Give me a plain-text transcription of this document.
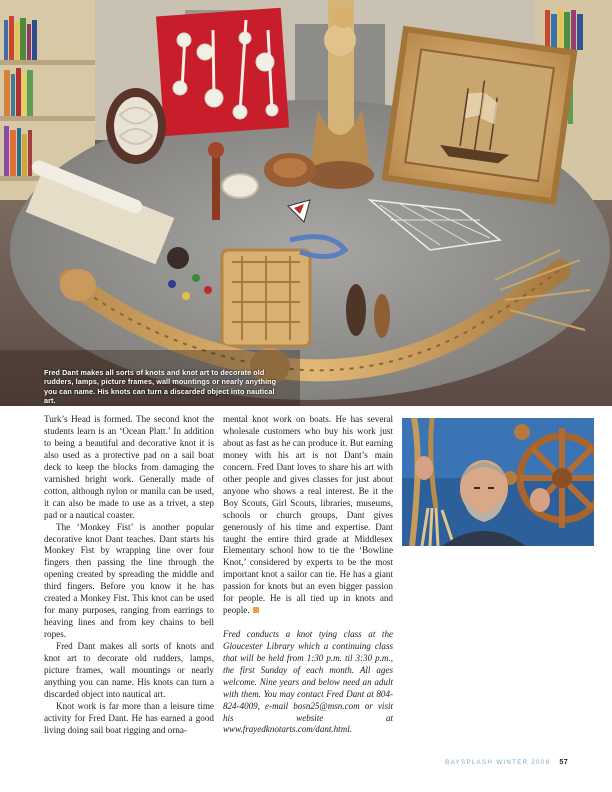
Fred Dant makes all sorts of knots and knot art to decorate old rudders, lamps, picture frames, wall mountings or nearly anything you can name. His knots can turn a discarded object into nautical art.

Turk’s Head is formed. The second knot the students learn is an ‘Ocean Platt.’ In addition to being a beautiful and decorative knot it is also used as a protective pad on a sail boat deck to keep the blocks from damaging the varnished bright work. Generally made of cotton, although nylon or manila can be used, it can also be made to use as a trivet, a step pad or a nautical coaster.

The ‘Monkey Fist’ is another popular decorative knot Dant teaches. Dant starts his Monkey Fist by wrapping line over four fingers then passing the line through the opening created by spreading the middle and third fingers. Before you know it he has created a Monkey Fist. This knot can be used for many purposes, ranging from earrings to heaving lines and from key chains to bell ropes.

Fred Dant makes all sorts of knots and knot art to decorate old rudders, lamps, picture frames, wall mountings or nearly anything you can name. His knots can turn a discarded object into nautical art.

Knot work is far more than a leisure time activity for Fred Dant. He has earned a good living doing sail boat rigging and orna-

mental knot work on boats. He has several wholesale customers who buy his work just about as fast as he can produce it. But earning money with his art is not Dant’s main concern. Fred Dant loves to share his art with other people and gives classes for just about anyone who shows a real interest. Be it the Boy Scouts, Girl Scouts, libraries, museums, schools or church groups, Dant gives generously of his time and expertise. Dant taught the entire third grade at Middlesex Elementary school how to tie the ‘Bowline Knot,’ considered by experts to be the most important knot a sailor can tie. He has a giant passion for knots but an even bigger passion for people. He is all tied up in knots and people.

Fred conducts a knot tying class at the Gloucester Library which a continuing class that will be held from 1:30 p.m. til 3:30 p.m., the first Sunday of each month. All ages welcome. Nine years and below need an adult with them. You may contact Fred Dant at 804-824-4009, e-mail bosn25@msn.com or visit his website at www.frayedknotarts.com/dant.html.

BAYSPLASH WINTER 2008 57
